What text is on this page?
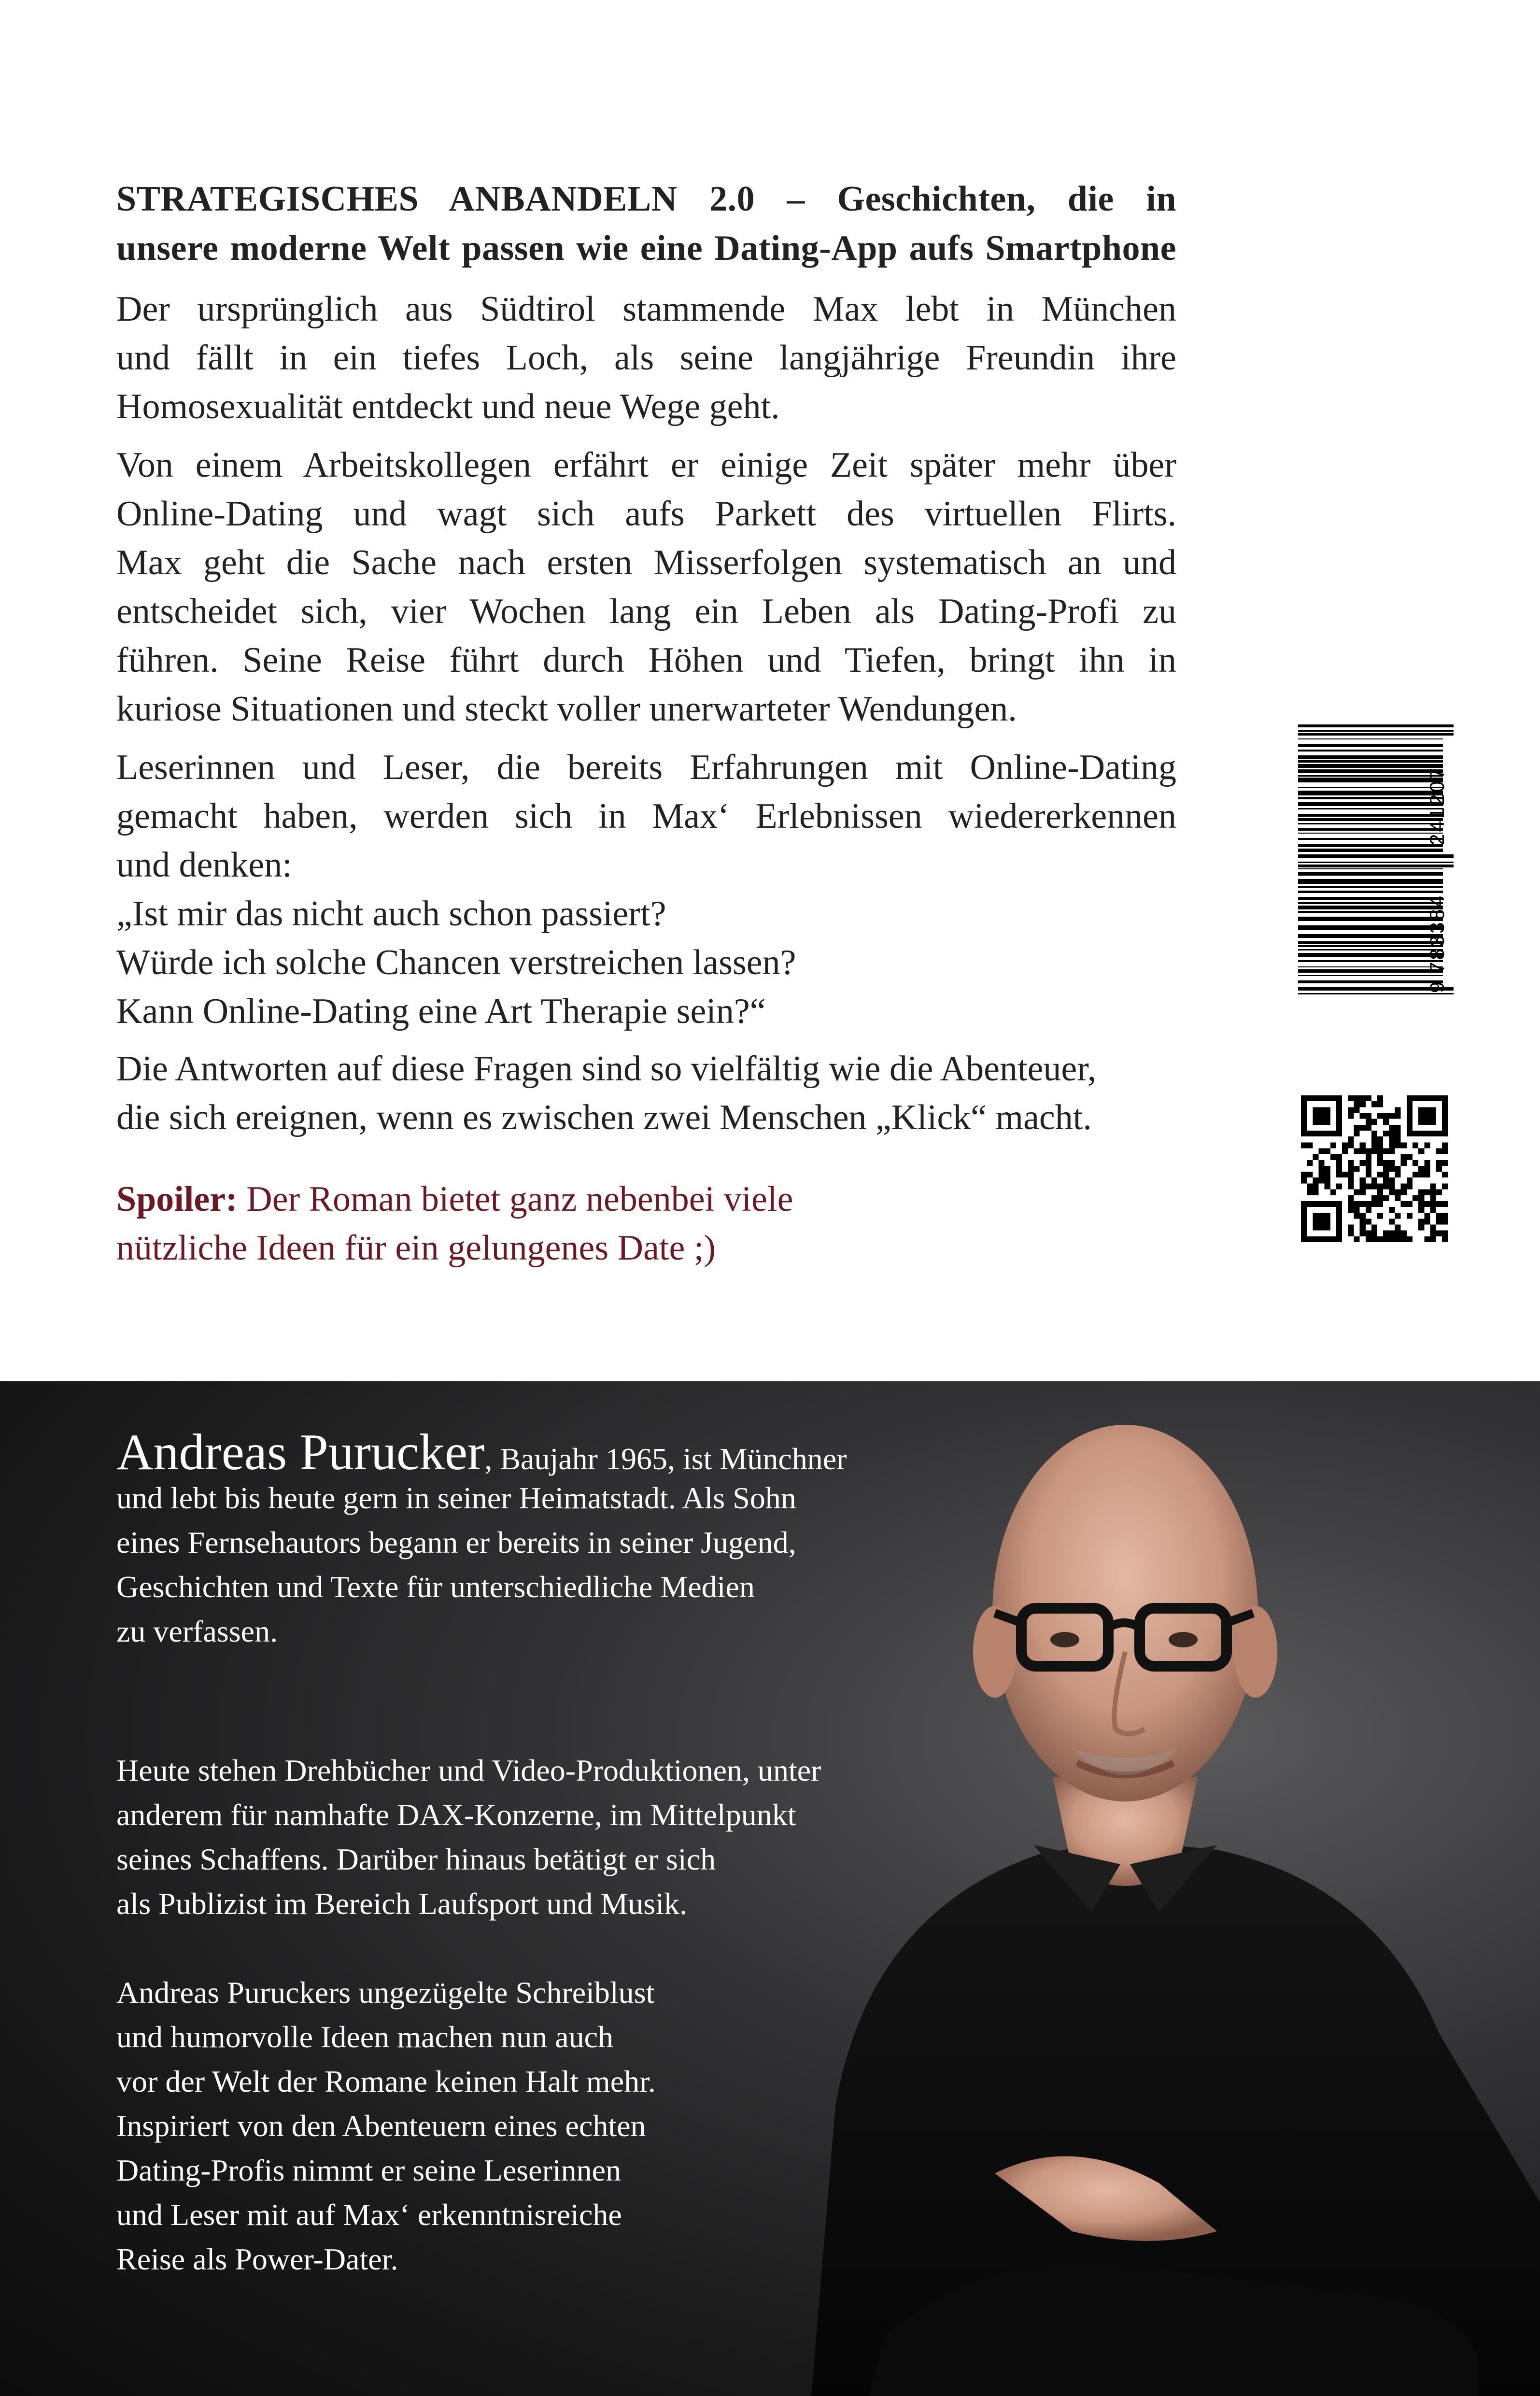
STRATEGISCHES ANBANDELN 2.0 – Geschichten, die in
unsere moderne Welt passen wie eine Dating-App aufs Smartphone
Der ursprünglich aus Südtirol stammende Max lebt in München
und fällt in ein tiefes Loch, als seine langjährige Freundin ihre
Homosexualität entdeckt und neue Wege geht.
Von einem Arbeitskollegen erfährt er einige Zeit später mehr über
Online-Dating und wagt sich aufs Parkett des virtuellen Flirts.
Max geht die Sache nach ersten Misserfolgen systematisch an und
entscheidet sich, vier Wochen lang ein Leben als Dating-Profi zu
führen. Seine Reise führt durch Höhen und Tiefen, bringt ihn in
kuriose Situationen und steckt voller unerwarteter Wendungen.
Leserinnen und Leser, die bereits Erfahrungen mit Online-Dating
gemacht haben, werden sich in Max‘ Erlebnissen wiedererkennen
und denken:
„Ist mir das nicht auch schon passiert?
Würde ich solche Chancen verstreichen lassen?
Kann Online-Dating eine Art Therapie sein?“
Die Antworten auf diese Fragen sind so vielfältig wie die Abenteuer,
die sich ereignen, wenn es zwischen zwei Menschen „Klick“ macht.
Spoiler: Der Roman bietet ganz nebenbei viele
nützliche Ideen für ein gelungenes Date ;)
9
783384
241207
Andreas Purucker, Baujahr 1965, ist Münchner
und lebt bis heute gern in seiner Heimatstadt. Als Sohn
eines Fernsehautors begann er bereits in seiner Jugend,
Geschichten und Texte für unterschiedliche Medien
zu verfassen.
Heute stehen Drehbücher und Video-Produktionen, unter
anderem für namhafte DAX-Konzerne, im Mittelpunkt
seines Schaffens. Darüber hinaus betätigt er sich
als Publizist im Bereich Laufsport und Musik.
Andreas Puruckers ungezügelte Schreiblust
und humorvolle Ideen machen nun auch
vor der Welt der Romane keinen Halt mehr.
Inspiriert von den Abenteuern eines echten
Dating-Profis nimmt er seine Leserinnen
und Leser mit auf Max‘ erkenntnisreiche
Reise als Power-Dater.
